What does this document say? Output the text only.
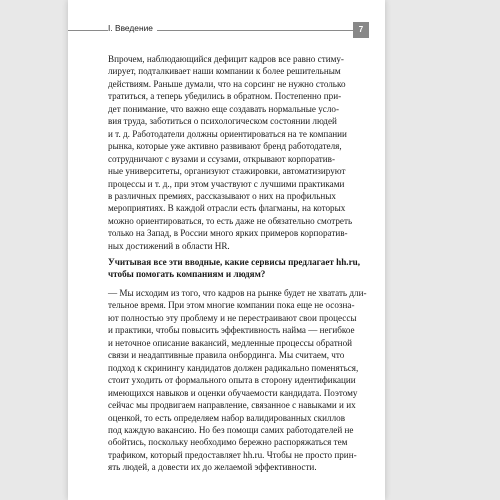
I. Введение	7
Впрочем, наблюдающийся дефицит кадров все равно стиму-
лирует, подталкивает наши компании к более решительным
действиям. Раньше думали, что на сорсинг не нужно столько
тратиться, а теперь убедились в обратном. Постепенно при-
дет понимание, что важно еще создавать нормальные усло-
вия труда, заботиться о психологическом состоянии людей
и т. д. Работодатели должны ориентироваться на те компании
рынка, которые уже активно развивают бренд работодателя,
сотрудничают с вузами и ссузами, открывают корпоратив-
ные университеты, организуют стажировки, автоматизируют
процессы и т. д., при этом участвуют с лучшими практиками
в различных премиях, рассказывают о них на профильных
мероприятиях. В каждой отрасли есть флагманы, на которых
можно ориентироваться, то есть даже не обязательно смотреть
только на Запад, в России много ярких примеров корпоратив-
ных достижений в области HR.
Учитывая все эти вводные, какие сервисы предлагает hh.ru,
чтобы помогать компаниям и людям?
— Мы исходим из того, что кадров на рынке будет не хватать дли-
тельное время. При этом многие компании пока еще не осозна-
ют полностью эту проблему и не перестраивают свои процессы
и практики, чтобы повысить эффективность найма — негибкое
и неточное описание вакансий, медленные процессы обратной
связи и неадаптивные правила онбординга. Мы считаем, что
подход к скринингу кандидатов должен радикально поменяться,
стоит уходить от формального опыта в сторону идентификации
имеющихся навыков и оценки обучаемости кандидата. Поэтому
сейчас мы продвигаем направление, связанное с навыками и их
оценкой, то есть определяем набор валидированных скиллов
под каждую вакансию. Но без помощи самих работодателей не
обойтись, поскольку необходимо бережно распоряжаться тем
трафиком, который предоставляет hh.ru. Чтобы не просто прин-
ять людей, а довести их до желаемой эффективности.
